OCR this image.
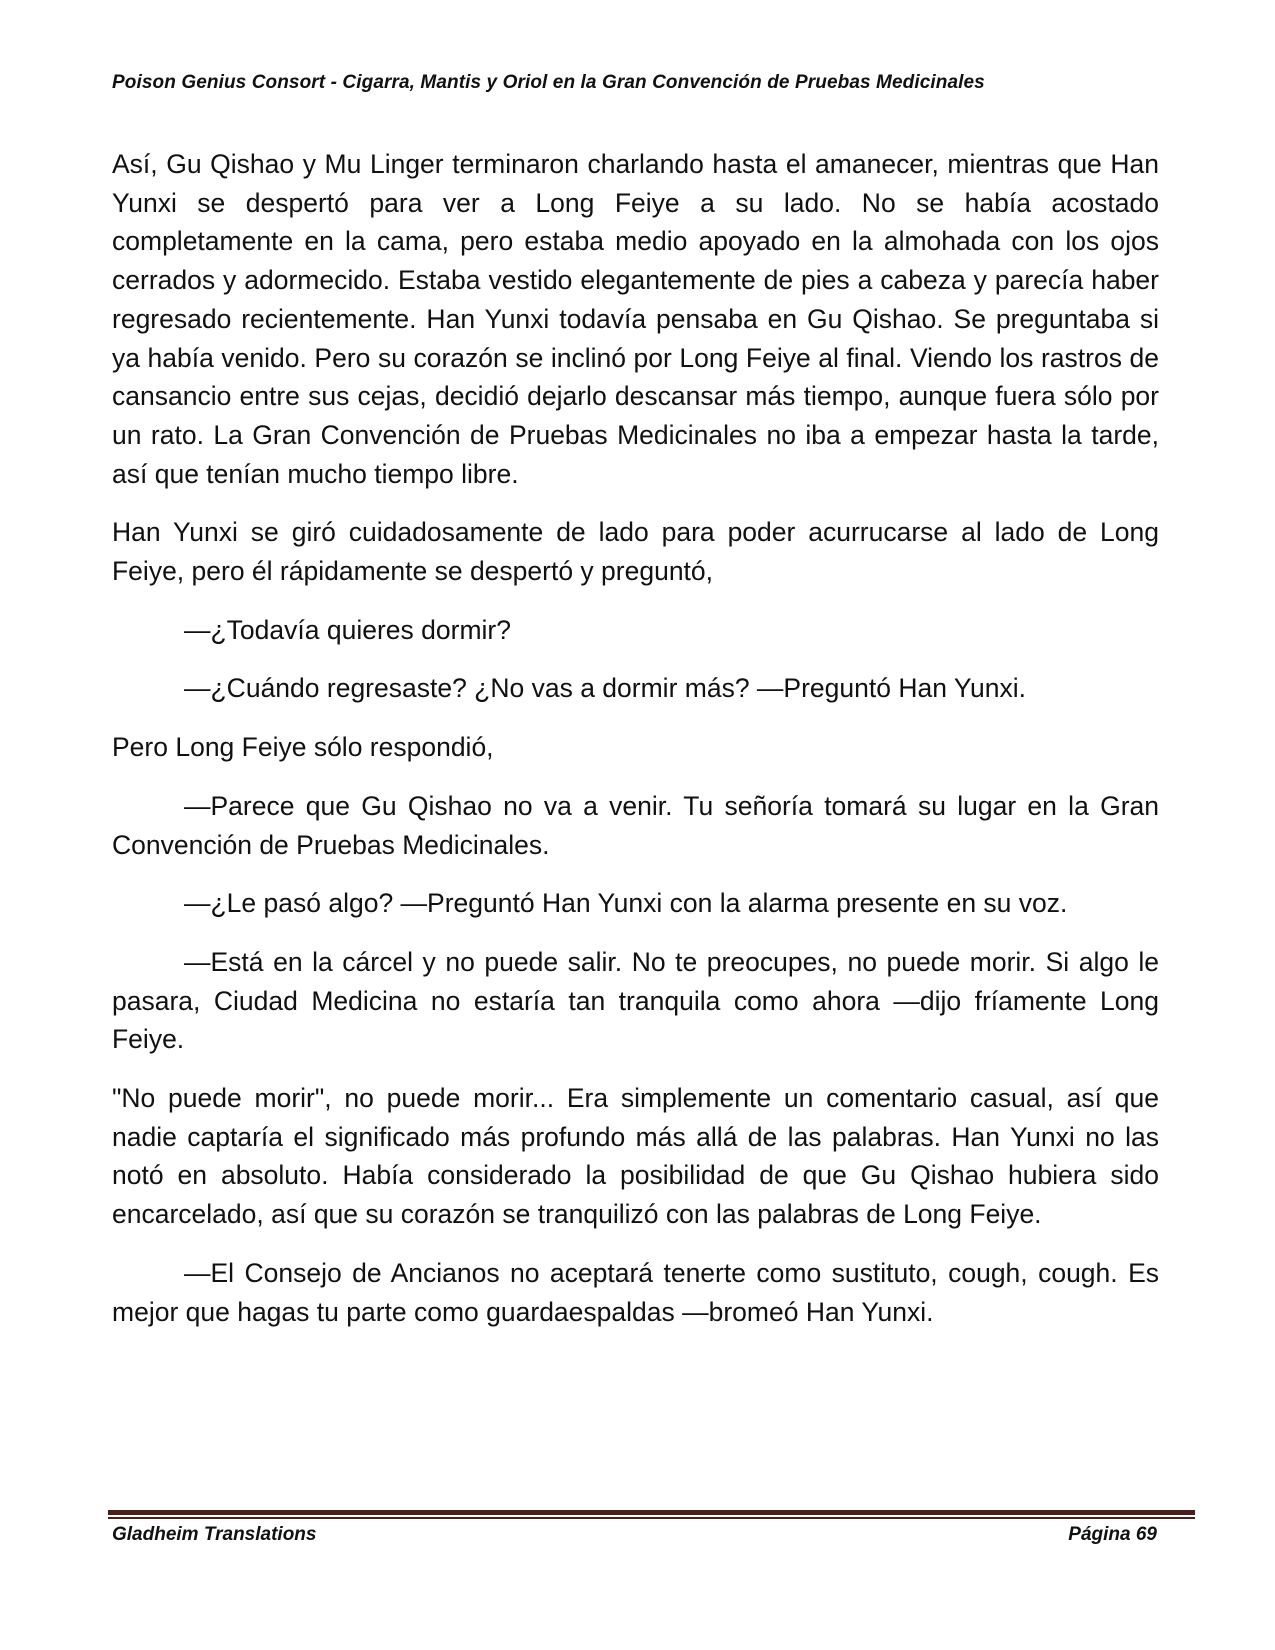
Poison Genius Consort - Cigarra, Mantis y Oriol en la Gran Convención de Pruebas Medicinales

Así, Gu Qishao y Mu Linger terminaron charlando hasta el amanecer, mientras que Han Yunxi se despertó para ver a Long Feiye a su lado. No se había acostado completamente en la cama, pero estaba medio apoyado en la almohada con los ojos cerrados y adormecido. Estaba vestido elegantemente de pies a cabeza y parecía haber regresado recientemente. Han Yunxi todavía pensaba en Gu Qishao. Se preguntaba si ya había venido. Pero su corazón se inclinó por Long Feiye al final. Viendo los rastros de cansancio entre sus cejas, decidió dejarlo descansar más tiempo, aunque fuera sólo por un rato. La Gran Convención de Pruebas Medicinales no iba a empezar hasta la tarde, así que tenían mucho tiempo libre.

Han Yunxi se giró cuidadosamente de lado para poder acurrucarse al lado de Long Feiye, pero él rápidamente se despertó y preguntó,

—¿Todavía quieres dormir?

—¿Cuándo regresaste? ¿No vas a dormir más? —Preguntó Han Yunxi.

Pero Long Feiye sólo respondió,

—Parece que Gu Qishao no va a venir. Tu señoría tomará su lugar en la Gran Convención de Pruebas Medicinales.

—¿Le pasó algo? —Preguntó Han Yunxi con la alarma presente en su voz.

—Está en la cárcel y no puede salir. No te preocupes, no puede morir. Si algo le pasara, Ciudad Medicina no estaría tan tranquila como ahora —dijo fríamente Long Feiye.

"No puede morir", no puede morir... Era simplemente un comentario casual, así que nadie captaría el significado más profundo más allá de las palabras. Han Yunxi no las notó en absoluto. Había considerado la posibilidad de que Gu Qishao hubiera sido encarcelado, así que su corazón se tranquilizó con las palabras de Long Feiye.

—El Consejo de Ancianos no aceptará tenerte como sustituto, cough, cough. Es mejor que hagas tu parte como guardaespaldas —bromeó Han Yunxi.

Gladheim Translations	Página 69
